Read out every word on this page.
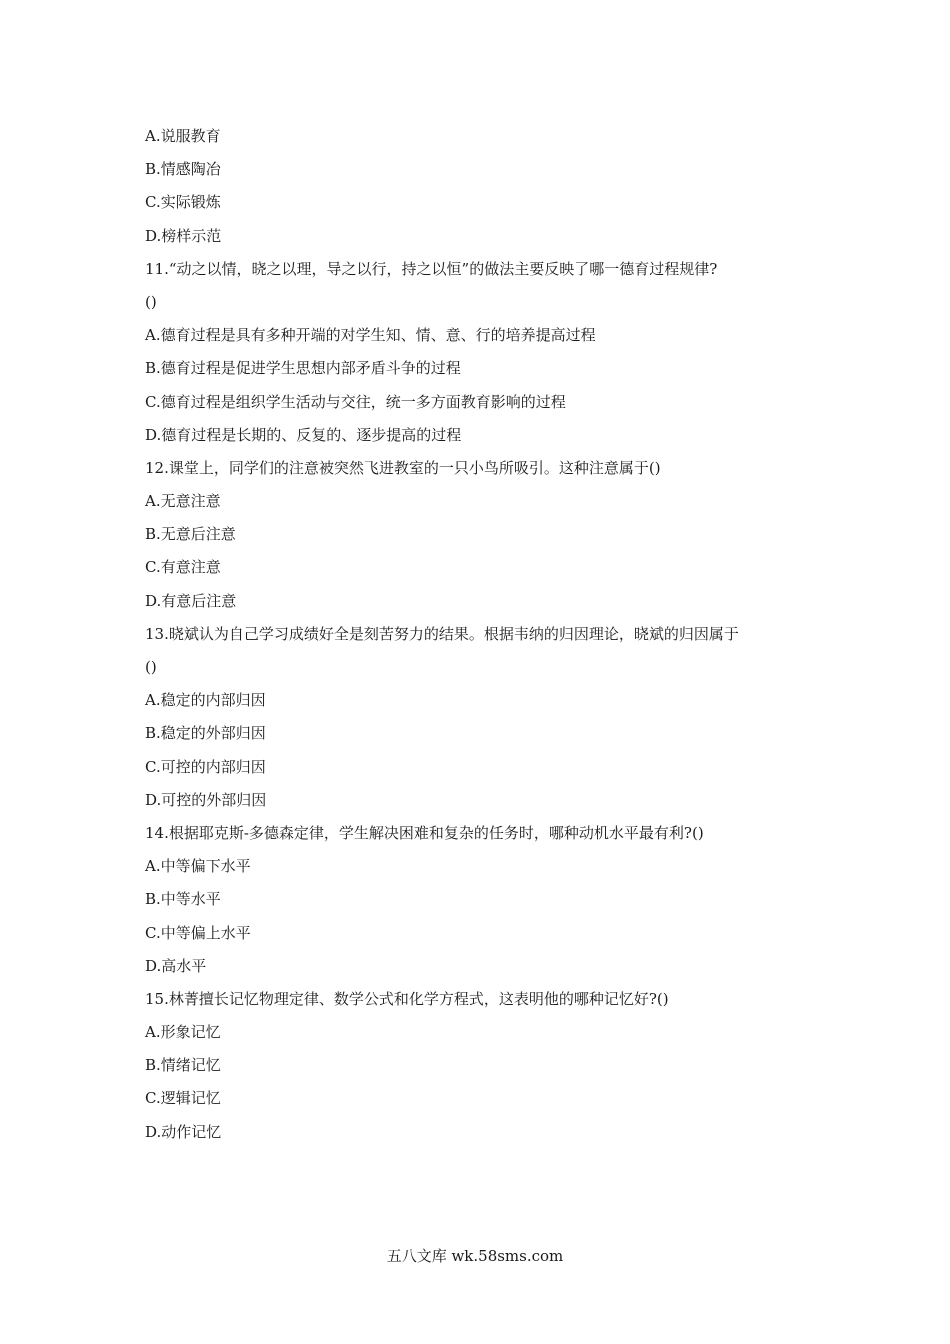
A.说服教育
B.情感陶冶
C.实际锻炼
D.榜样示范
11.“动之以情，晓之以理，导之以行，持之以恒”的做法主要反映了哪一德育过程规律?
()
A.德育过程是具有多种开端的对学生知、情、意、行的培养提高过程
B.德育过程是促进学生思想内部矛盾斗争的过程
C.德育过程是组织学生活动与交往，统一多方面教育影响的过程
D.德育过程是长期的、反复的、逐步提高的过程
12.课堂上，同学们的注意被突然飞进教室的一只小鸟所吸引。这种注意属于()
A.无意注意
B.无意后注意
C.有意注意
D.有意后注意
13.晓斌认为自己学习成绩好全是刻苦努力的结果。根据韦纳的归因理论，晓斌的归因属于
()
A.稳定的内部归因
B.稳定的外部归因
C.可控的内部归因
D.可控的外部归因
14.根据耶克斯-多德森定律，学生解决困难和复杂的任务时，哪种动机水平最有利?()
A.中等偏下水平
B.中等水平
C.中等偏上水平
D.高水平
15.林菁擅长记忆物理定律、数学公式和化学方程式，这表明他的哪种记忆好?()
A.形象记忆
B.情绪记忆
C.逻辑记忆
D.动作记忆
五八文库 wk.58sms.com
